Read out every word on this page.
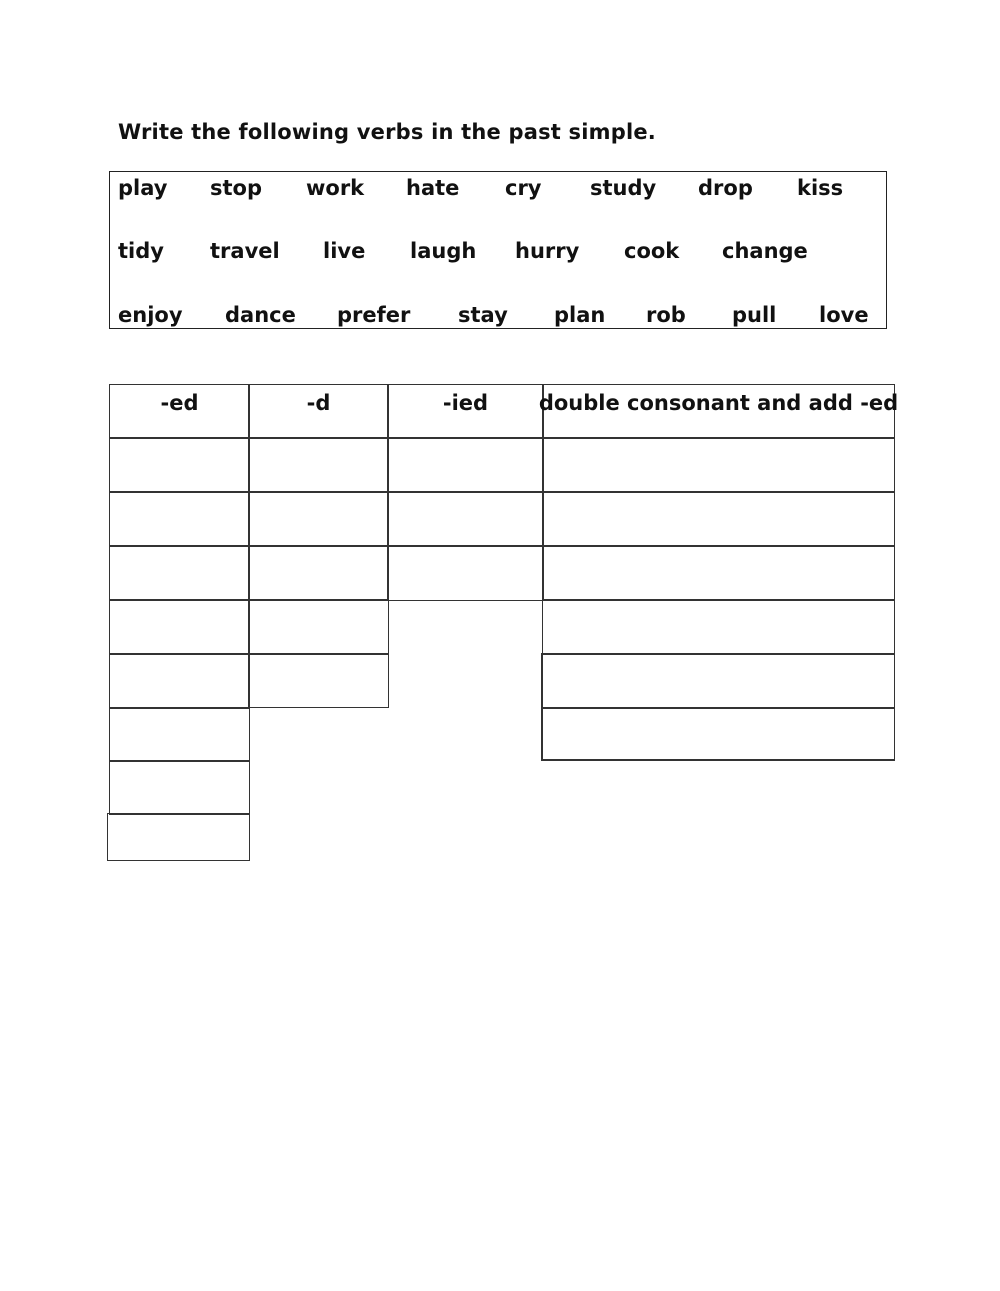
Write the following verbs in the past simple.
play stop work hate cry study drop kiss
tidy travel live laugh hurry cook change
enjoy dance prefer stay plan rob pull love
-ed	-d	-ied	double consonant and add -ed
